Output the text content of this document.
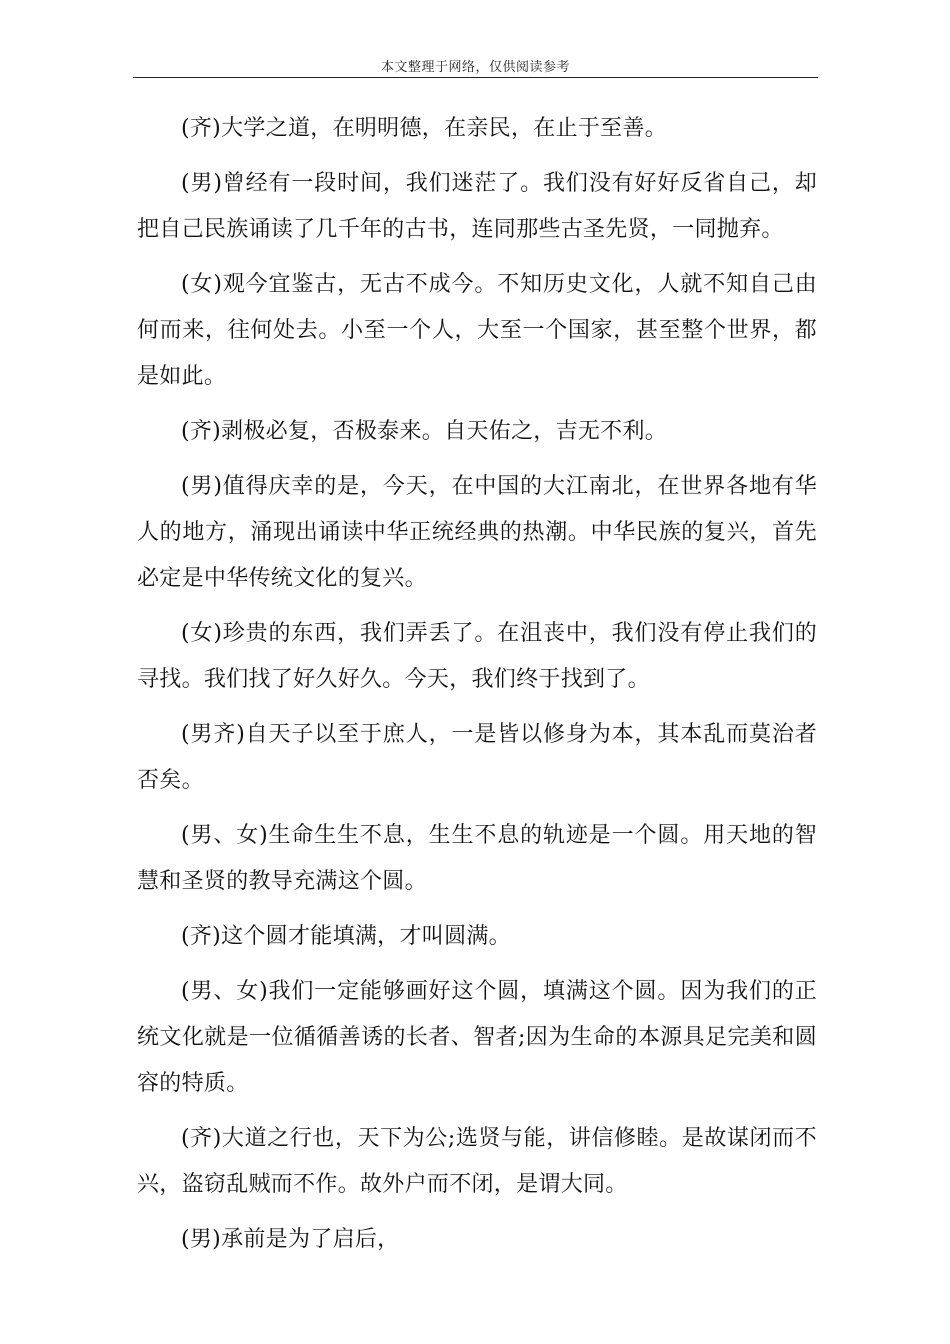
本文整理于网络，仅供阅读参考

(齐)大学之道，在明明德，在亲民，在止于至善。

(男)曾经有一段时间，我们迷茫了。我们没有好好反省自己，却把自己民族诵读了几千年的古书，连同那些古圣先贤，一同抛弃。

(女)观今宜鉴古，无古不成今。不知历史文化，人就不知自己由何而来，往何处去。小至一个人，大至一个国家，甚至整个世界，都是如此。

(齐)剥极必复，否极泰来。自天佑之，吉无不利。

(男)值得庆幸的是，今天，在中国的大江南北，在世界各地有华人的地方，涌现出诵读中华正统经典的热潮。中华民族的复兴，首先必定是中华传统文化的复兴。

(女)珍贵的东西，我们弄丢了。在沮丧中，我们没有停止我们的寻找。我们找了好久好久。今天，我们终于找到了。

(男齐)自天子以至于庶人，一是皆以修身为本，其本乱而莫治者否矣。

(男、女)生命生生不息，生生不息的轨迹是一个圆。用天地的智慧和圣贤的教导充满这个圆。

(齐)这个圆才能填满，才叫圆满。

(男、女)我们一定能够画好这个圆，填满这个圆。因为我们的正统文化就是一位循循善诱的长者、智者;因为生命的本源具足完美和圆容的特质。

(齐)大道之行也，天下为公;选贤与能，讲信修睦。是故谋闭而不兴，盗窃乱贼而不作。故外户而不闭，是谓大同。

(男)承前是为了启后，
